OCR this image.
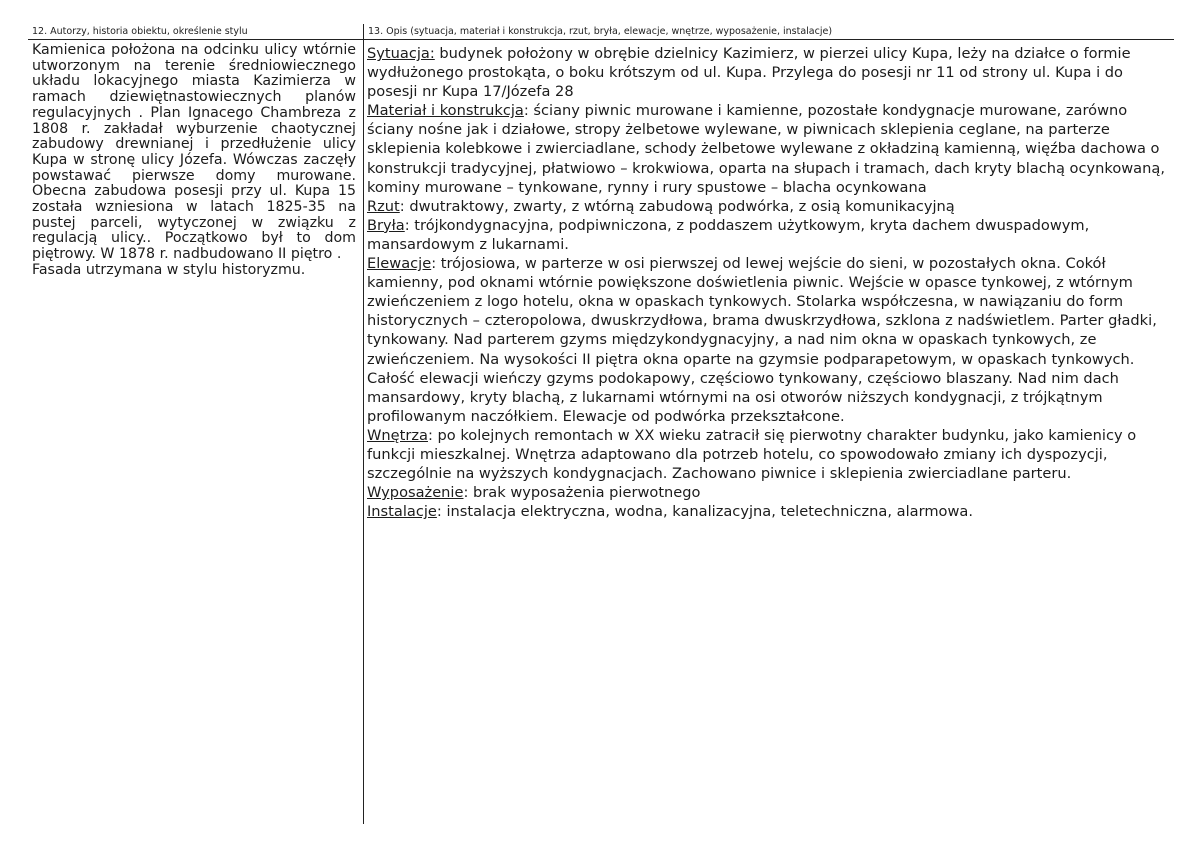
12. Autorzy, historia obiektu, określenie stylu	13. Opis (sytuacja, materiał i konstrukcja, rzut, bryła, elewacje, wnętrze, wyposażenie, instalacje)

Kamienica położona na odcinku ulicy wtórnie utworzonym na terenie średniowiecznego układu lokacyjnego miasta Kazimierza w ramach dziewiętnastowiecznych planów regulacyjnych . Plan Ignacego Chambreza z 1808 r. zakładał wyburzenie chaotycznej zabudowy drewnianej i przedłużenie ulicy Kupa w stronę ulicy Józefa. Wówczas zaczęły powstawać pierwsze domy murowane. Obecna zabudowa posesji przy ul. Kupa 15 została wzniesiona w latach 1825-35 na pustej parceli, wytyczonej w związku z regulacją ulicy.. Początkowo był to dom piętrowy. W 1878 r. nadbudowano II piętro .

Fasada utrzymana w stylu historyzmu.

Sytuacja: budynek położony w obrębie dzielnicy Kazimierz, w pierzei ulicy Kupa, leży na działce o formie wydłużonego prostokąta, o boku krótszym od ul. Kupa. Przylega do posesji nr 11 od strony ul. Kupa i do posesji nr Kupa 17/Józefa 28

Materiał i konstrukcja: ściany piwnic murowane i kamienne, pozostałe kondygnacje murowane, zarówno ściany nośne jak i działowe, stropy żelbetowe wylewane, w piwnicach sklepienia ceglane, na parterze sklepienia kolebkowe i zwierciadlane, schody żelbetowe wylewane z okładziną kamienną, więźba dachowa o konstrukcji tradycyjnej, płatwiowo – krokwiowa, oparta na słupach i tramach, dach kryty blachą ocynkowaną, kominy murowane – tynkowane, rynny i rury spustowe – blacha ocynkowana

Rzut: dwutraktowy, zwarty, z wtórną zabudową podwórka, z osią komunikacyjną

Bryła: trójkondygnacyjna, podpiwniczona, z poddaszem użytkowym, kryta dachem dwuspadowym, mansardowym z lukarnami.

Elewacje: trójosiowa, w parterze w osi pierwszej od lewej wejście do sieni, w pozostałych okna. Cokół kamienny, pod oknami wtórnie powiększone doświetlenia piwnic. Wejście w opasce tynkowej, z wtórnym zwieńczeniem z logo hotelu, okna w opaskach tynkowych. Stolarka współczesna, w nawiązaniu do form historycznych – czteropolowa, dwuskrzydłowa, brama dwuskrzydłowa, szklona z nadświetlem. Parter gładki, tynkowany. Nad parterem gzyms międzykondygnacyjny, a nad nim okna w opaskach tynkowych, ze zwieńczeniem. Na wysokości II piętra okna oparte na gzymsie podparapetowym, w opaskach tynkowych. Całość elewacji wieńczy gzyms podokapowy, częściowo tynkowany, częściowo blaszany. Nad nim dach mansardowy, kryty blachą, z lukarnami wtórnymi na osi otworów niższych kondygnacji, z trójkątnym profilowanym naczółkiem. Elewacje od podwórka przekształcone.

Wnętrza: po kolejnych remontach w XX wieku zatracił się pierwotny charakter budynku, jako kamienicy o funkcji mieszkalnej. Wnętrza adaptowano dla potrzeb hotelu, co spowodowało zmiany ich dyspozycji, szczególnie na wyższych kondygnacjach. Zachowano piwnice i sklepienia zwierciadlane parteru.

Wyposażenie: brak wyposażenia pierwotnego

Instalacje: instalacja elektryczna, wodna, kanalizacyjna, teletechniczna, alarmowa.
